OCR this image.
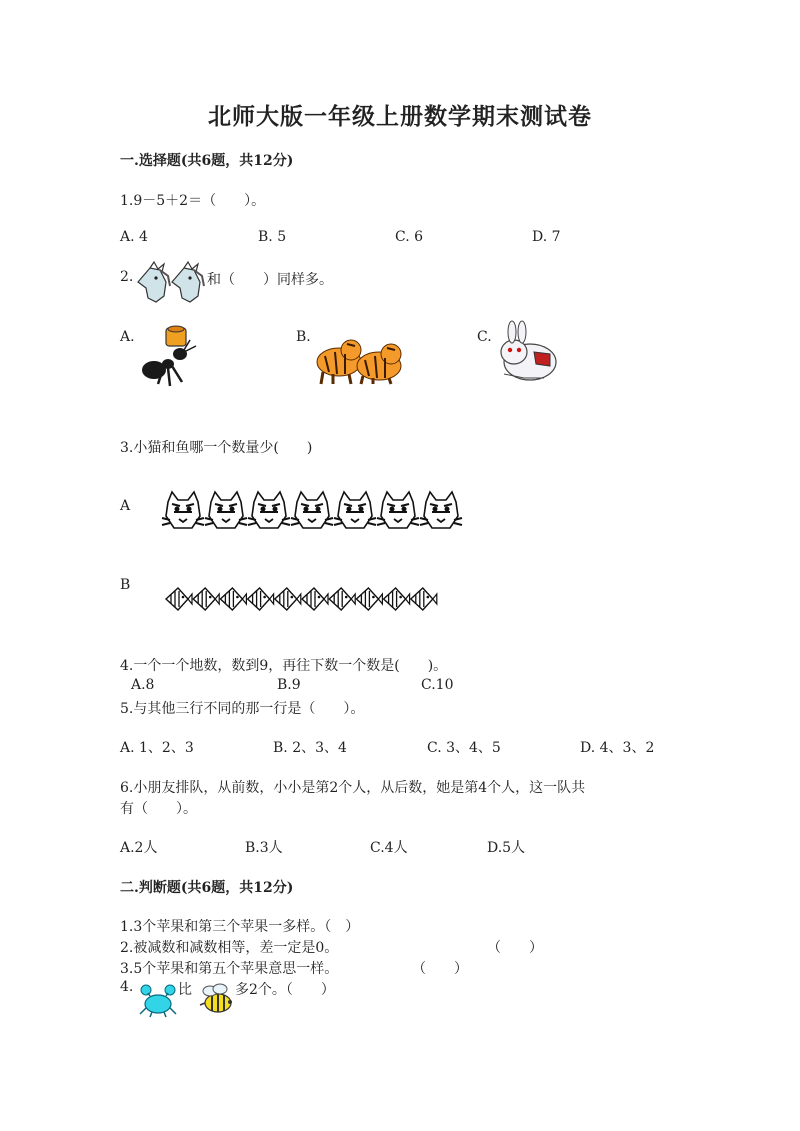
北师大版一年级上册数学期末测试卷
一.选择题(共6题，共12分)
1.9－5＋2＝（　　）。
A. 4	B. 5	C. 6	D. 7
2.	和（　　）同样多。
A.	B.	C.
3.小猫和鱼哪一个数量少(　　)
A
B
4.一个一个地数，数到9，再往下数一个数是(　　)。
A.8	B.9	C.10
5.与其他三行不同的那一行是（　　）。
A. 1、2、3	B. 2、3、4	C. 3、4、5	D. 4、3、2
6.小朋友排队，从前数，小小是第2个人，从后数，她是第4个人，这一队共
有（　　）。
A.2人	B.3人	C.4人	D.5人
二.判断题(共6题，共12分)
1.3个苹果和第三个苹果一多样。（　）
2.被减数和减数相等，差一定是0。	（　　）
3.5个苹果和第五个苹果意思一样。	（　　）
4.	比	多2个。（　　）
